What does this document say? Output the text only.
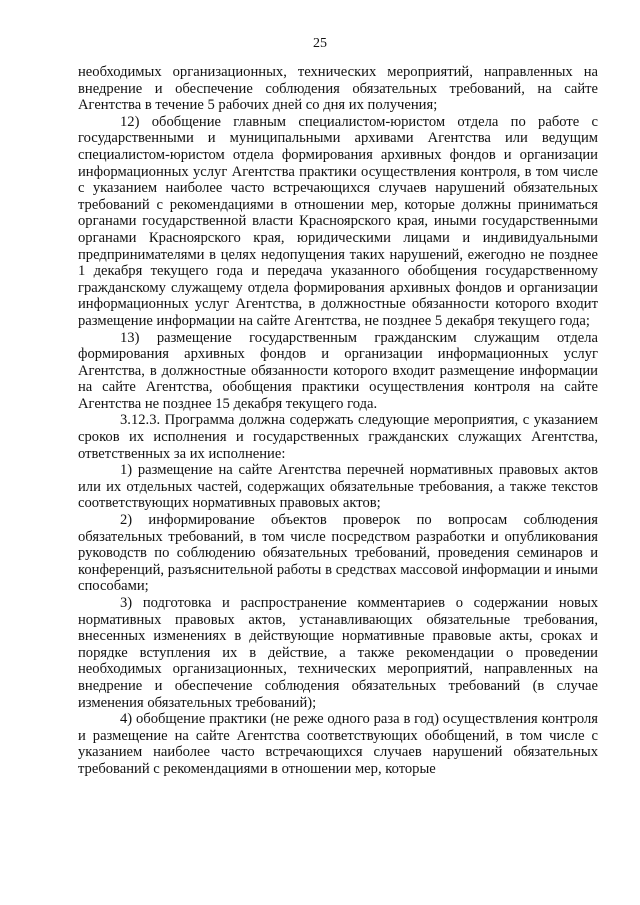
25

необходимых организационных, технических мероприятий, направленных на внедрение и обеспечение соблюдения обязательных требований, на сайте Агентства в течение 5 рабочих дней со дня их получения;

12) обобщение главным специалистом-юристом отдела по работе с государственными и муниципальными архивами Агентства или ведущим специалистом-юристом отдела формирования архивных фондов и организации информационных услуг Агентства практики осуществления контроля, в том числе с указанием наиболее часто встречающихся случаев нарушений обязательных требований с рекомендациями в отношении мер, которые должны приниматься органами государственной власти Красноярского края, иными государственными органами Красноярского края, юридическими лицами и индивидуальными предпринимателями в целях недопущения таких нарушений, ежегодно не позднее 1 декабря текущего года и передача указанного обобщения государственному гражданскому служащему отдела формирования архивных фондов и организации информационных услуг Агентства, в должностные обязанности которого входит размещение информации на сайте Агентства, не позднее 5 декабря текущего года;

13) размещение государственным гражданским служащим отдела формирования архивных фондов и организации информационных услуг Агентства, в должностные обязанности которого входит размещение информации на сайте Агентства, обобщения практики осуществления контроля на сайте Агентства не позднее 15 декабря текущего года.

3.12.3. Программа должна содержать следующие мероприятия, с указанием сроков их исполнения и государственных гражданских служащих Агентства, ответственных за их исполнение:

1) размещение на сайте Агентства перечней нормативных правовых актов или их отдельных частей, содержащих обязательные требования, а также текстов соответствующих нормативных правовых актов;

2) информирование объектов проверок по вопросам соблюдения обязательных требований, в том числе посредством разработки и опубликования руководств по соблюдению обязательных требований, проведения семинаров и конференций, разъяснительной работы в средствах массовой информации и иными способами;

3) подготовка и распространение комментариев о содержании новых нормативных правовых актов, устанавливающих обязательные требования, внесенных изменениях в действующие нормативные правовые акты, сроках и порядке вступления их в действие, а также рекомендации о проведении необходимых организационных, технических мероприятий, направленных на внедрение и обеспечение соблюдения обязательных требований (в случае изменения обязательных требований);

4) обобщение практики (не реже одного раза в год) осуществления контроля и размещение на сайте Агентства соответствующих обобщений, в том числе с указанием наиболее часто встречающихся случаев нарушений обязательных требований с рекомендациями в отношении мер, которые
